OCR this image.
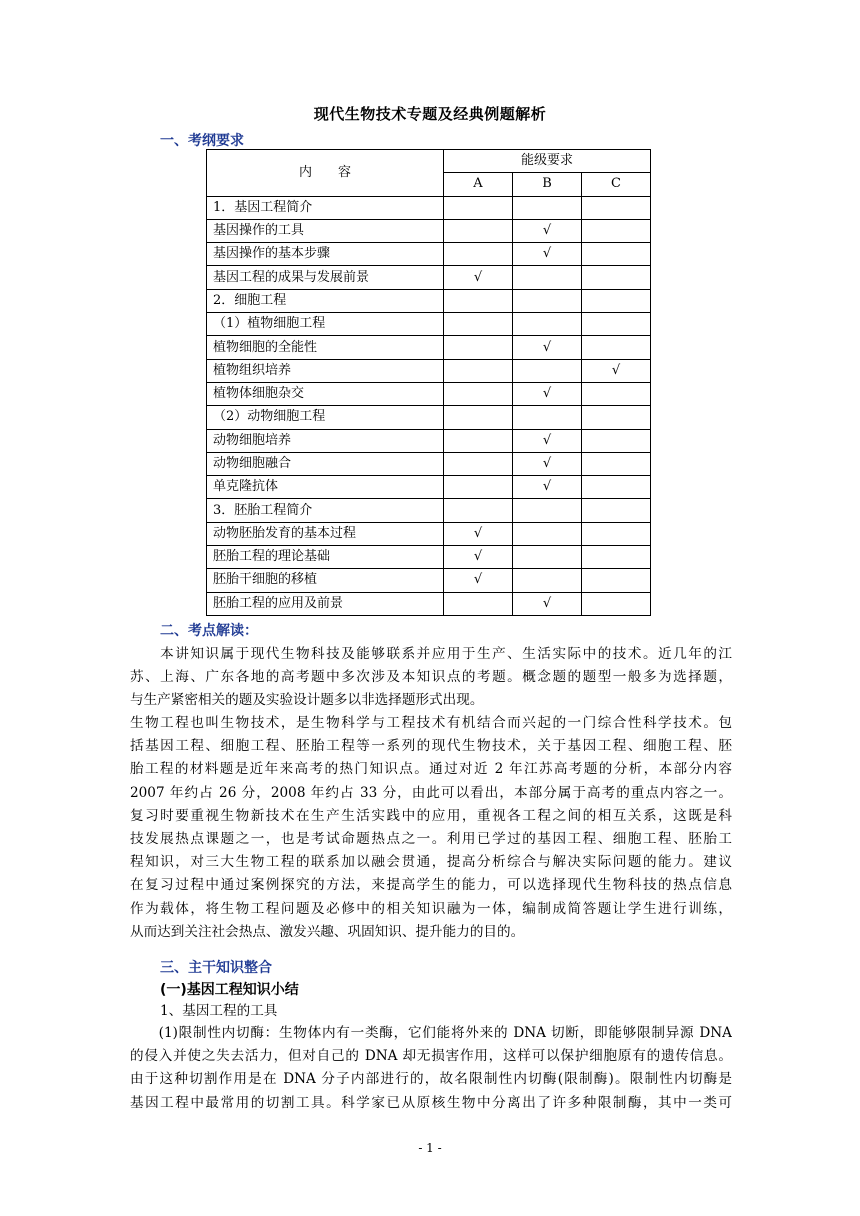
现代生物技术专题及经典例题解析
一、考纲要求
内　　容	能级要求		
	A	B	C
1．基因工程简介			
基因操作的工具		√	
基因操作的基本步骤		√	
基因工程的成果与发展前景	√		
2．细胞工程			
（1）植物细胞工程			
植物细胞的全能性		√	
植物组织培养			√
植物体细胞杂交		√	
（2）动物细胞工程			
动物细胞培养		√	
动物细胞融合		√	
单克隆抗体		√	
3．胚胎工程简介			
动物胚胎发育的基本过程	√		
胚胎工程的理论基础	√		
胚胎干细胞的移植	√		
胚胎工程的应用及前景		√	
二、考点解读：
　　本讲知识属于现代生物科技及能够联系并应用于生产、生活实际中的技术。近几年的江
苏、上海、广东各地的高考题中多次涉及本知识点的考题。概念题的题型一般多为选择题，
与生产紧密相关的题及实验设计题多以非选择题形式出现。
生物工程也叫生物技术，是生物科学与工程技术有机结合而兴起的一门综合性科学技术。包
括基因工程、细胞工程、胚胎工程等一系列的现代生物技术，关于基因工程、细胞工程、胚
胎工程的材料题是近年来高考的热门知识点。通过对近 2 年江苏高考题的分析，本部分内容
2007 年约占 26 分，2008 年约占 33 分，由此可以看出，本部分属于高考的重点内容之一。
复习时要重视生物新技术在生产生活实践中的应用，重视各工程之间的相互关系，这既是科
技发展热点课题之一，也是考试命题热点之一。利用已学过的基因工程、细胞工程、胚胎工
程知识，对三大生物工程的联系加以融会贯通，提高分析综合与解决实际问题的能力。建议
在复习过程中通过案例探究的方法，来提高学生的能力，可以选择现代生物科技的热点信息
作为载体，将生物工程问题及必修中的相关知识融为一体，编制成简答题让学生进行训练，
从而达到关注社会热点、激发兴趣、巩固知识、提升能力的目的。
三、主干知识整合
(一)基因工程知识小结
1、基因工程的工具
　　(1)限制性内切酶：生物体内有一类酶，它们能将外来的 DNA 切断，即能够限制异源 DNA
的侵入并使之失去活力，但对自己的 DNA 却无损害作用，这样可以保护细胞原有的遗传信息。
由于这种切割作用是在 DNA 分子内部进行的，故名限制性内切酶(限制酶)。限制性内切酶是
基因工程中最常用的切割工具。科学家已从原核生物中分离出了许多种限制酶，其中一类可
- 1 -
